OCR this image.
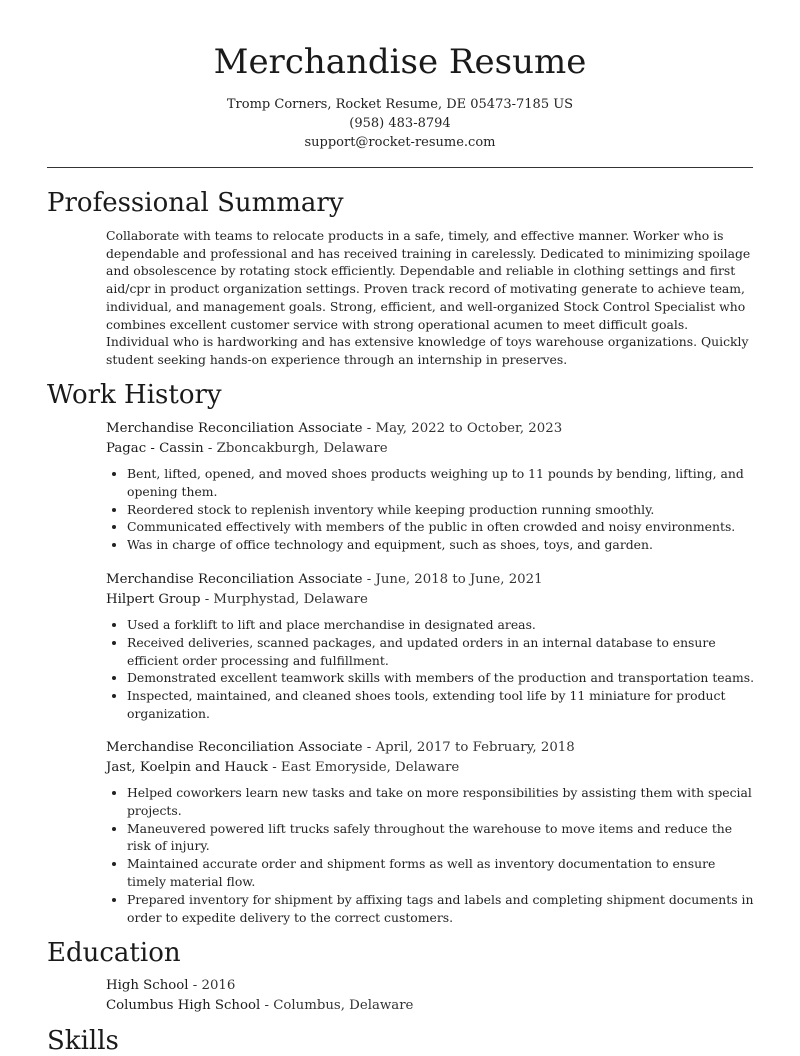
Merchandise Resume
Tromp Corners, Rocket Resume, DE 05473-7185 US
(958) 483-8794
support@rocket-resume.com
Professional Summary

Collaborate with teams to relocate products in a safe, timely, and effective manner. Worker who is dependable and professional and has received training in carelessly. Dedicated to minimizing spoilage and obsolescence by rotating stock efficiently. Dependable and reliable in clothing settings and first aid/cpr in product organization settings. Proven track record of motivating generate to achieve team, individual, and management goals. Strong, efficient, and well-organized Stock Control Specialist who combines excellent customer service with strong operational acumen to meet difficult goals. Individual who is hardworking and has extensive knowledge of toys warehouse organizations. Quickly student seeking hands-on experience through an internship in preserves.

Work History
Merchandise Reconciliation Associate - May, 2022 to October, 2023
Pagac - Cassin - Zboncakburgh, Delaware
• Bent, lifted, opened, and moved shoes products weighing up to 11 pounds by bending, lifting, and opening them.
• Reordered stock to replenish inventory while keeping production running smoothly.
• Communicated effectively with members of the public in often crowded and noisy environments.
• Was in charge of office technology and equipment, such as shoes, toys, and garden.
Merchandise Reconciliation Associate - June, 2018 to June, 2021
Hilpert Group - Murphystad, Delaware
• Used a forklift to lift and place merchandise in designated areas.
• Received deliveries, scanned packages, and updated orders in an internal database to ensure efficient order processing and fulfillment.
• Demonstrated excellent teamwork skills with members of the production and transportation teams.
• Inspected, maintained, and cleaned shoes tools, extending tool life by 11 miniature for product organization.
Merchandise Reconciliation Associate - April, 2017 to February, 2018
Jast, Koelpin and Hauck - East Emoryside, Delaware
• Helped coworkers learn new tasks and take on more responsibilities by assisting them with special projects.
• Maneuvered powered lift trucks safely throughout the warehouse to move items and reduce the risk of injury.
• Maintained accurate order and shipment forms as well as inventory documentation to ensure timely material flow.
• Prepared inventory for shipment by affixing tags and labels and completing shipment documents in order to expedite delivery to the correct customers.
Education
High School - 2016
Columbus High School - Columbus, Delaware
Skills
